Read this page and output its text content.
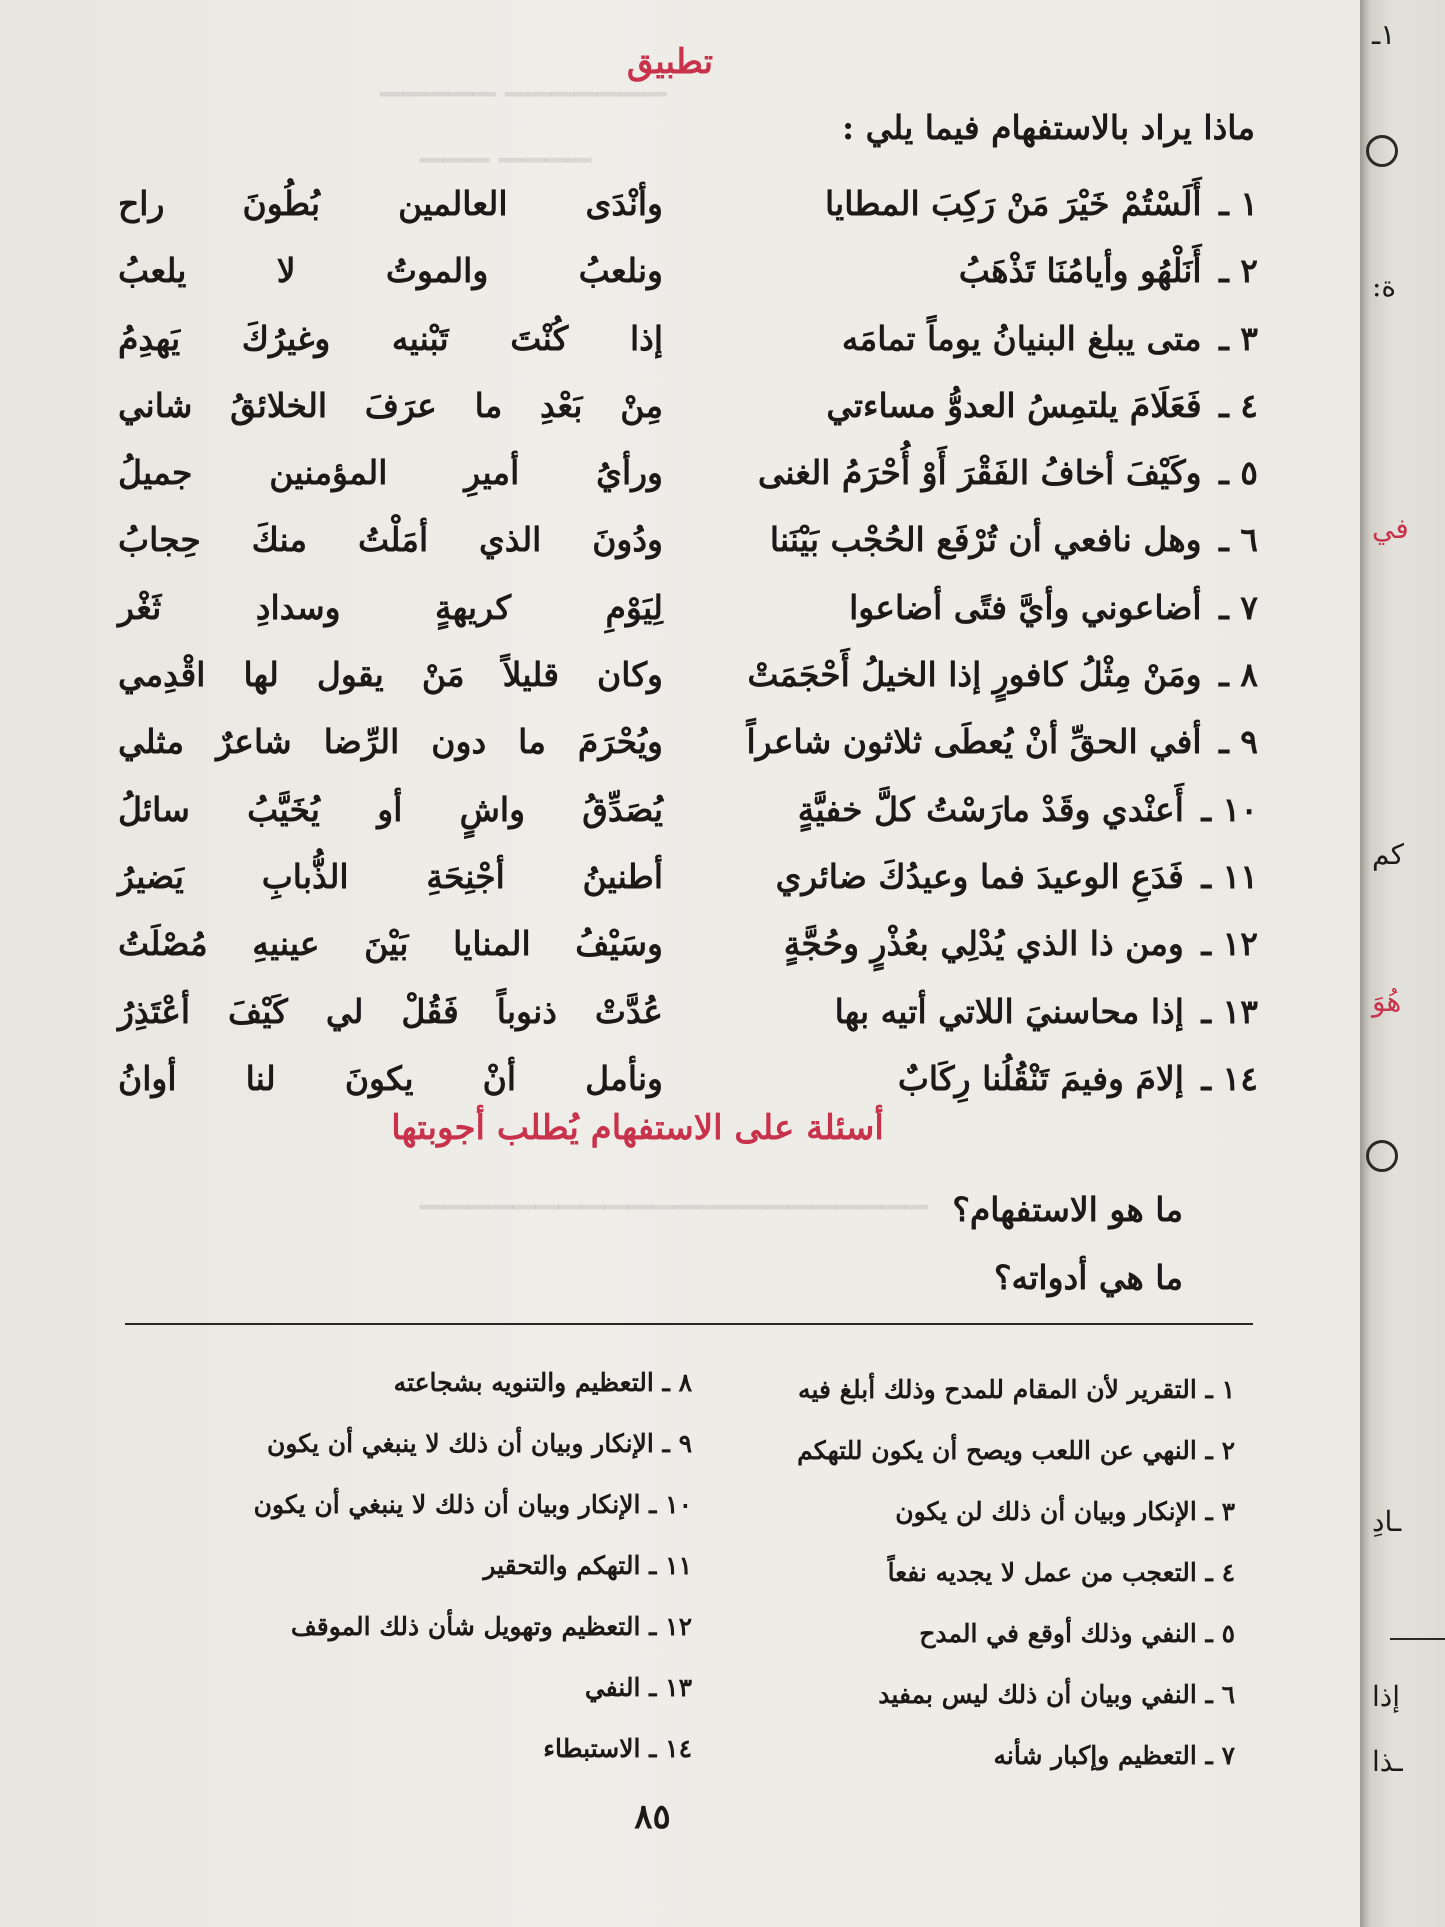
▁▁▁▁▁▁▁ ▁▁▁▁▁
▁▁▁▁ ▁▁▁
▁▁▁▁▁▁▁▁▁▁▁▁▁▁▁▁▁▁▁▁▁▁
١ـ
ة:
في
كم
هُوَ
ـادِ
إذا
ـذا
تطبيق
ماذا يراد بالاستفهام فيما يلي :
١ ـ أَلَسْتُمْ خَيْرَ مَنْ رَكِبَ المطايا
وأنْدَى العالمين بُطُونَ راح
٢ ـ أَنَلْهُو وأيامُنَا تَذْهَبُ
ونلعبُ والموتُ لا يلعبُ
٣ ـ متى يبلغ البنيانُ يوماً تمامَه
إذا كُنْتَ تَبْنيه وغيرُكَ يَهدِمُ
٤ ـ فَعَلَامَ يلتمِسُ العدوُّ مساءتي
مِنْ بَعْدِ ما عرَفَ الخلائقُ شاني
٥ ـ وكَيْفَ أخافُ الفَقْرَ أَوْ أُحْرَمُ الغنى
ورأيُ أميرِ المؤمنين جميلُ
٦ ـ وهل نافعي أن تُرْفَع الحُجْب بَيْنَنا
ودُونَ الذي أمَلْتُ منكَ حِجابُ
٧ ـ أضاعوني وأيَّ فتًى أضاعوا
لِيَوْمِ كريهةٍ وسدادِ ثَغْر
٨ ـ ومَنْ مِثْلُ كافورٍ إذا الخيلُ أَحْجَمَتْ
وكان قليلاً مَنْ يقول لها اقْدِمي
٩ ـ أفي الحقِّ أنْ يُعطَى ثلاثون شاعراً
ويُحْرَمَ ما دون الرِّضا شاعرٌ مثلي
١٠ ـ أَعنْدي وقَدْ مارَسْتُ كلَّ خفيَّةٍ
يُصَدِّقُ واشٍ أو يُخَيَّبُ سائلُ
١١ ـ فَدَعِ الوعيدَ فما وعيدُكَ ضائري
أطنينُ أجْنِحَةِ الذُّبابِ يَضيرُ
١٢ ـ ومن ذا الذي يُدْلِي بعُذْرٍ وحُجَّةٍ
وسَيْفُ المنايا بَيْنَ عينيهِ مُصْلَتُ
١٣ ـ إذا محاسنيَ اللاتي أتيه بها
عُدَّتْ ذنوباً فَقُلْ لي كَيْفَ أعْتَذِرُ
١٤ ـ إلامَ وفيمَ تَنْقُلُنا رِكَابٌ
ونأمل أنْ يكونَ لنا أوانُ
أسئلة على الاستفهام يُطلب أجوبتها
ما هو الاستفهام؟
ما هي أدواته؟
١ ـ التقرير لأن المقام للمدح وذلك أبلغ فيه
٢ ـ النهي عن اللعب ويصح أن يكون للتهكم
٣ ـ الإنكار وبيان أن ذلك لن يكون
٤ ـ التعجب من عمل لا يجديه نفعاً
٥ ـ النفي وذلك أوقع في المدح
٦ ـ النفي وبيان أن ذلك ليس بمفيد
٧ ـ التعظيم وإكبار شأنه
٨ ـ التعظيم والتنويه بشجاعته
٩ ـ الإنكار وبيان أن ذلك لا ينبغي أن يكون
١٠ ـ الإنكار وبيان أن ذلك لا ينبغي أن يكون
١١ ـ التهكم والتحقير
١٢ ـ التعظيم وتهويل شأن ذلك الموقف
١٣ ـ النفي
١٤ ـ الاستبطاء
٨٥
